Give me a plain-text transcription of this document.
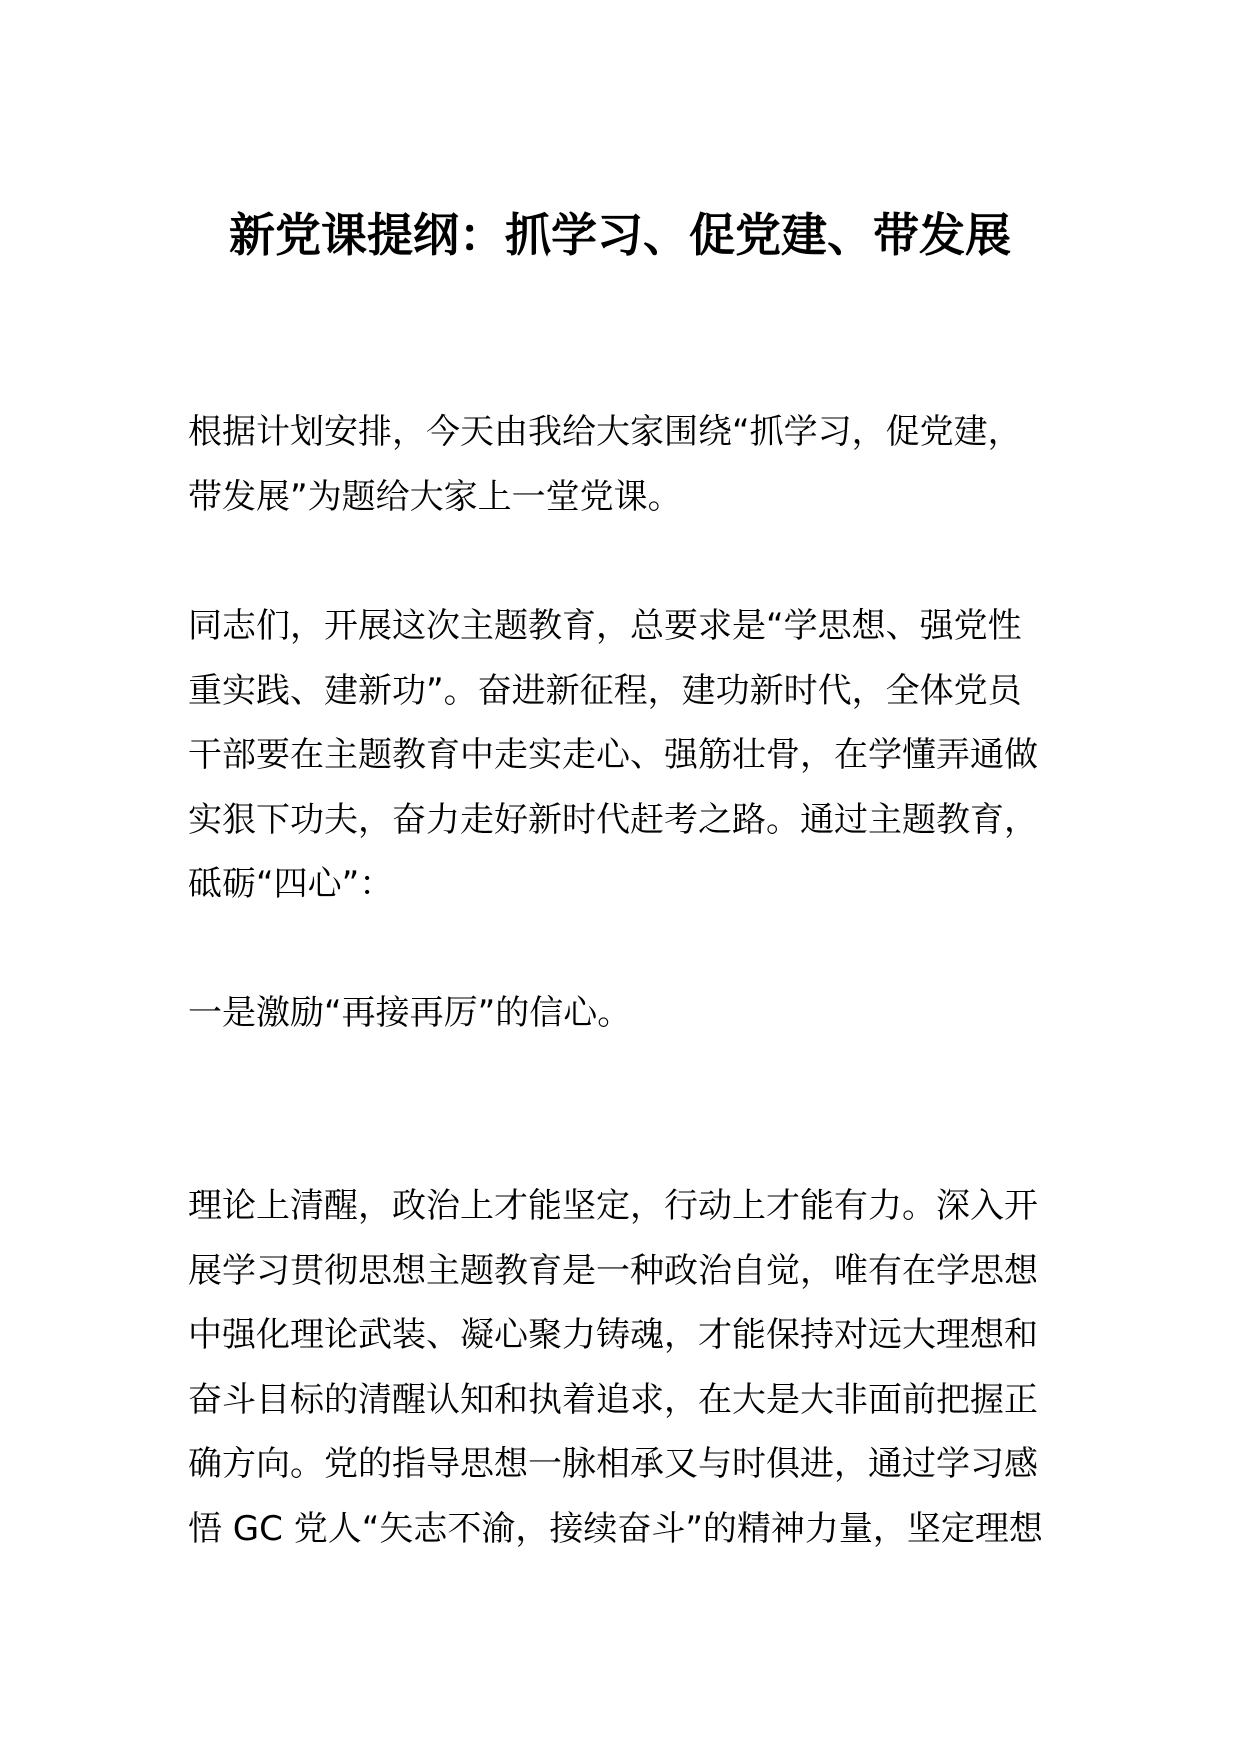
新党课提纲：抓学习、促党建、带发展
根据计划安排，今天由我给大家围绕“抓学习，促党建，
带发展”为题给大家上一堂党课。
同志们，开展这次主题教育，总要求是“学思想、强党性
重实践、建新功”。奋进新征程，建功新时代，全体党员
干部要在主题教育中走实走心、强筋壮骨，在学懂弄通做
实狠下功夫，奋力走好新时代赶考之路。通过主题教育，
砥砺“四心”：
一是激励“再接再厉”的信心。
理论上清醒，政治上才能坚定，行动上才能有力。深入开
展学习贯彻思想主题教育是一种政治自觉，唯有在学思想
中强化理论武装、凝心聚力铸魂，才能保持对远大理想和
奋斗目标的清醒认知和执着追求，在大是大非面前把握正
确方向。党的指导思想一脉相承又与时俱进，通过学习感
悟 GC 党人“矢志不渝，接续奋斗”的精神力量，坚定理想
